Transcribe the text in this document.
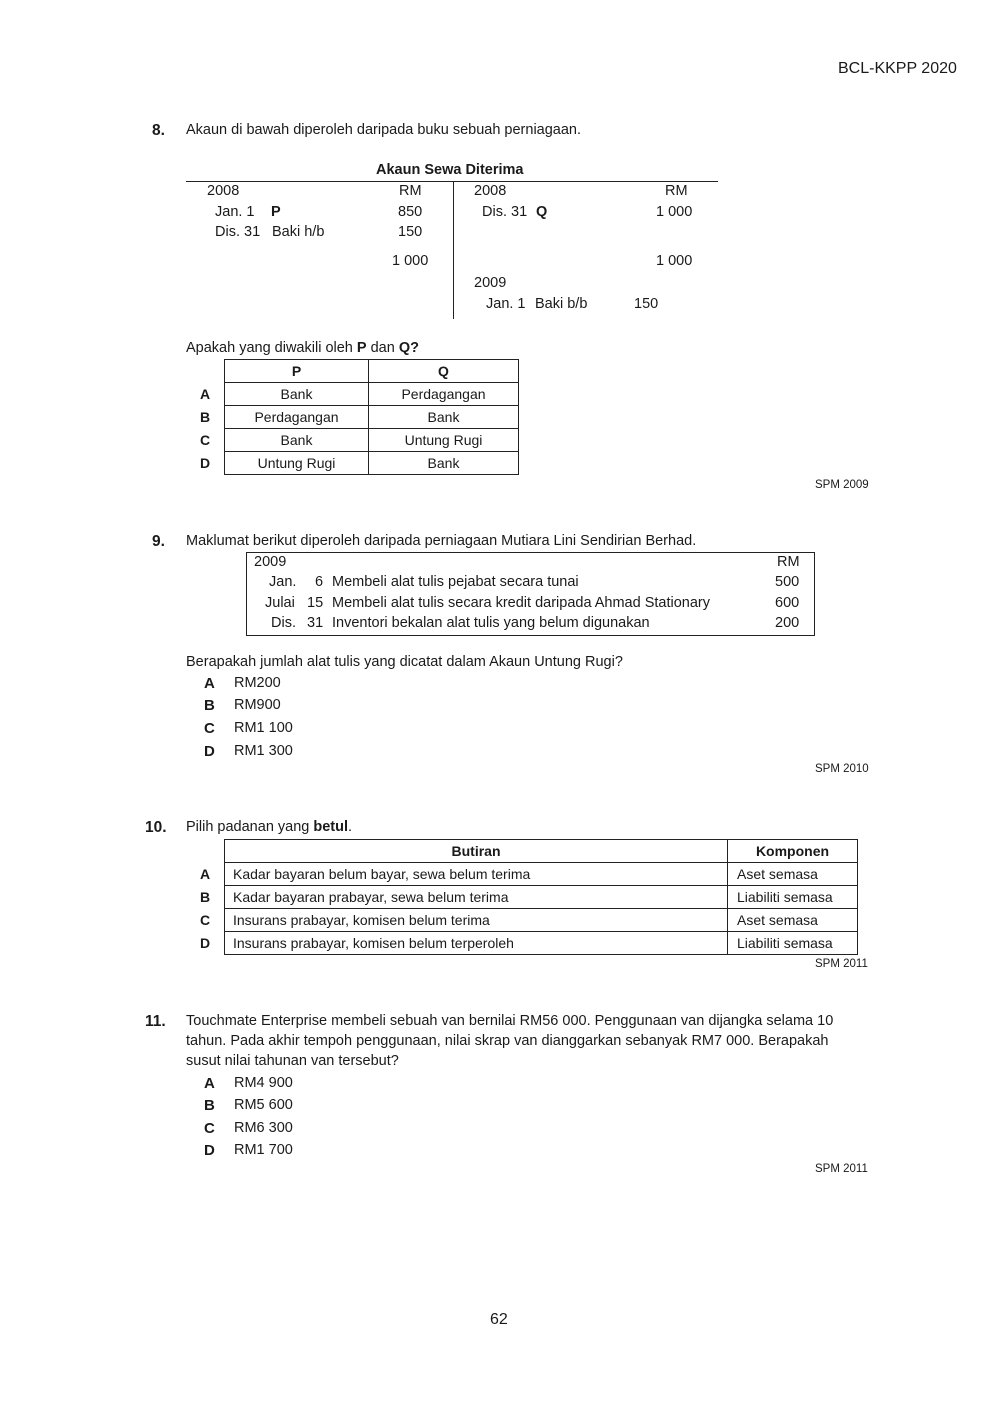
BCL-KKPP 2020
8. Akaun di bawah diperoleh daripada buku sebuah perniagaan.
Akaun Sewa Diterima
2008	RM
Jan. 1 P	850
Dis. 31 Baki h/b	150
1 000
2008	RM
Dis. 31 Q	1 000
1 000
2009
Jan. 1 Baki b/b	150
Apakah yang diwakili oleh P dan Q?
	P	Q
A	Bank	Perdagangan
B	Perdagangan	Bank
C	Bank	Untung Rugi
D	Untung Rugi	Bank
SPM 2009
9. Maklumat berikut diperoleh daripada perniagaan Mutiara Lini Sendirian Berhad.
2009	RM
Jan. 6 Membeli alat tulis pejabat secara tunai	500
Julai 15 Membeli alat tulis secara kredit daripada Ahmad Stationary	600
Dis. 31 Inventori bekalan alat tulis yang belum digunakan	200
Berapakah jumlah alat tulis yang dicatat dalam Akaun Untung Rugi?
A RM200
B RM900
C RM1 100
D RM1 300
SPM 2010
10. Pilih padanan yang betul.
	Butiran	Komponen
A	Kadar bayaran belum bayar, sewa belum terima	Aset semasa
B	Kadar bayaran prabayar, sewa belum terima	Liabiliti semasa
C	Insurans prabayar, komisen belum terima	Aset semasa
D	Insurans prabayar, komisen belum terperoleh	Liabiliti semasa
SPM 2011
11. Touchmate Enterprise membeli sebuah van bernilai RM56 000. Penggunaan van dijangka selama 10
tahun. Pada akhir tempoh penggunaan, nilai skrap van dianggarkan sebanyak RM7 000. Berapakah
susut nilai tahunan van tersebut?
A RM4 900
B RM5 600
C RM6 300
D RM1 700
SPM 2011
62
